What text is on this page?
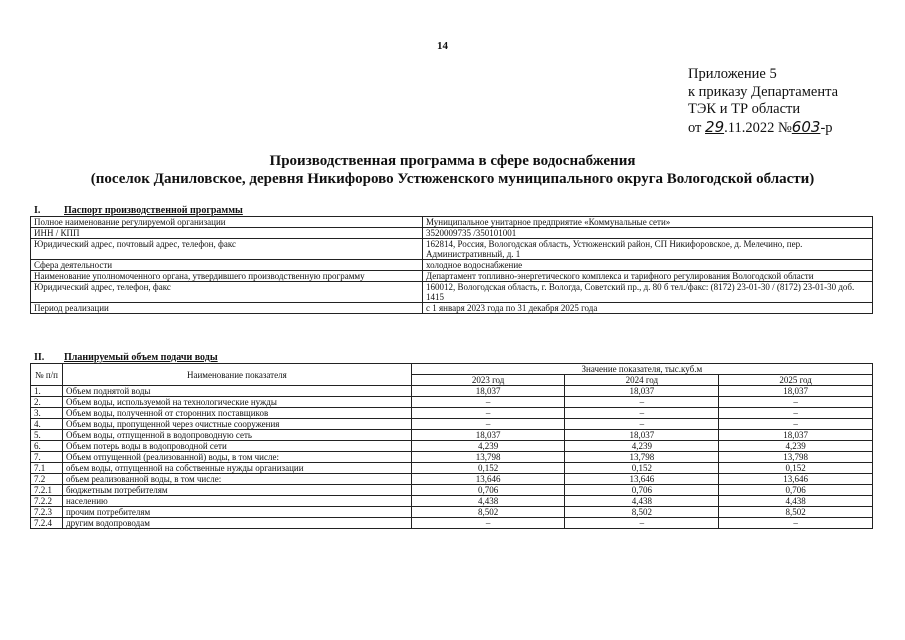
14
Приложение 5
к приказу Департамента
ТЭК и ТР области
от 29.11.2022 №603-р
Производственная программа в сфере водоснабжения
(поселок Даниловское, деревня Никифорово Устюженского муниципального округа Вологодской области)
I. Паспорт производственной программы
Полное наименование регулируемой организации	Муниципальное унитарное предприятие «Коммунальные сети»
ИНН / КПП	3520009735 /350101001
Юридический адрес, почтовый адрес, телефон, факс	162814, Россия, Вологодская область, Устюженский район, СП Никифоровское, д. Мелечино, пер. Административный, д. 1
Сфера деятельности	холодное водоснабжение
Наименование уполномоченного органа, утвердившего производственную программу	Департамент топливно-энергетического комплекса и тарифного регулирования Вологодской области
Юридический адрес, телефон, факс	160012, Вологодская область, г. Вологда, Советский пр., д. 80 б тел./факс: (8172) 23-01-30 / (8172) 23-01-30 доб. 1415
Период реализации	с 1 января 2023 года по 31 декабря 2025 года
II. Планируемый объем подачи воды
№ п/п	Наименование показателя	Значение показателя, тыс.куб.м		
		2023 год	2024 год	2025 год
1.	Объем поднятой воды	18,037	18,037	18,037
2.	Объем воды, используемой на технологические нужды	–	–	–
3.	Объем воды, полученной от сторонних поставщиков	–	–	–
4.	Объем воды, пропущенной через очистные сооружения	–	–	–
5.	Объем воды, отпущенной в водопроводную сеть	18,037	18,037	18,037
6.	Объем потерь воды в водопроводной сети	4,239	4,239	4,239
7.	Объем отпущенной (реализованной) воды, в том числе:	13,798	13,798	13,798
7.1	объем воды, отпущенной на собственные нужды организации	0,152	0,152	0,152
7.2	объем реализованной воды, в том числе:	13,646	13,646	13,646
7.2.1	бюджетным потребителям	0,706	0,706	0,706
7.2.2	населению	4,438	4,438	4,438
7.2.3	прочим потребителям	8,502	8,502	8,502
7.2.4	другим водопроводам	–	–	–
